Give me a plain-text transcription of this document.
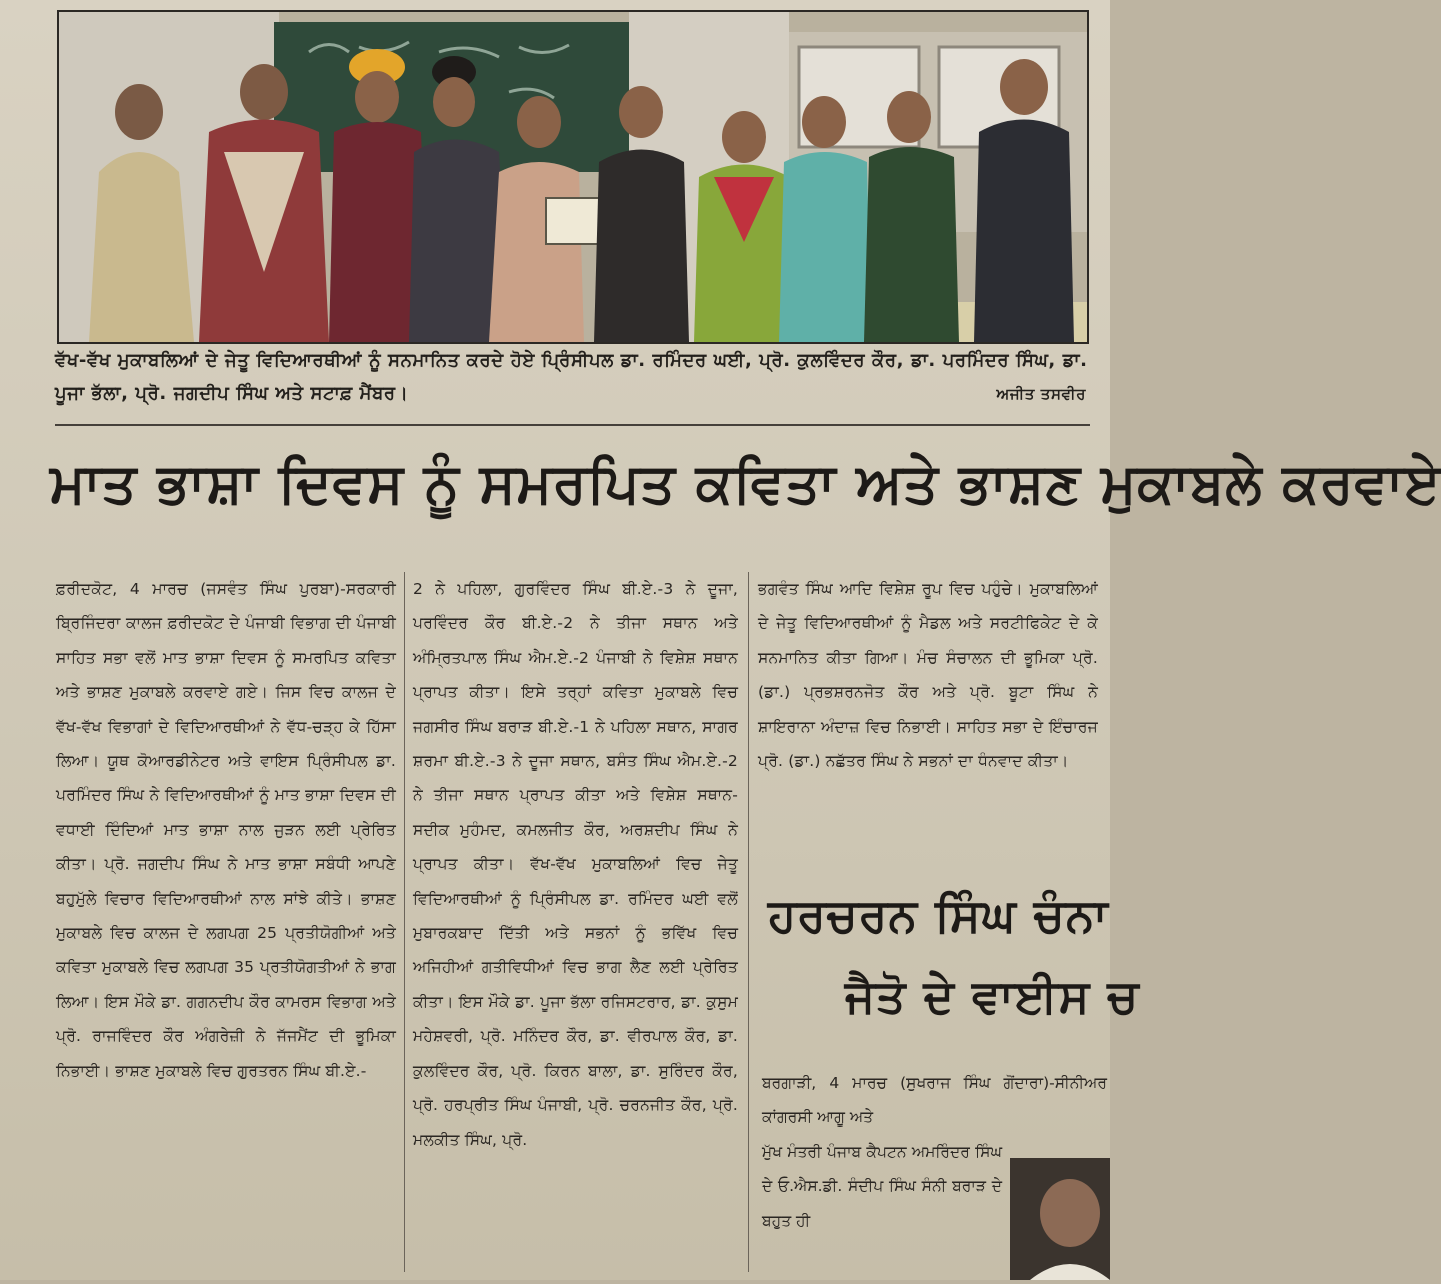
ਵੱਖ-ਵੱਖ ਮੁਕਾਬਲਿਆਂ ਦੇ ਜੇਤੂ ਵਿਦਿਆਰਥੀਆਂ ਨੂੰ ਸਨਮਾਨਿਤ ਕਰਦੇ ਹੋਏ ਪ੍ਰਿੰਸੀਪਲ ਡਾ. ਰਮਿੰਦਰ ਘਈ, ਪ੍ਰੋ. ਕੁਲਵਿੰਦਰ ਕੌਰ, ਡਾ. ਪਰਮਿੰਦਰ ਸਿੰਘ, ਡਾ. ਪੂਜਾ ਭੱਲਾ, ਪ੍ਰੋ. ਜਗਦੀਪ ਸਿੰਘ ਅਤੇ ਸਟਾਫ਼ ਮੈਂਬਰ।	ਅਜੀਤ ਤਸਵੀਰ
ਮਾਤ ਭਾਸ਼ਾ ਦਿਵਸ ਨੂੰ ਸਮਰਪਿਤ ਕਵਿਤਾ ਅਤੇ ਭਾਸ਼ਣ ਮੁਕਾਬਲੇ ਕਰਵਾਏ
ਫ਼ਰੀਦਕੋਟ, 4 ਮਾਰਚ (ਜਸਵੰਤ ਸਿੰਘ ਪੁਰਬਾ)-ਸਰਕਾਰੀ ਬ੍ਰਿਜਿੰਦਰਾ ਕਾਲਜ ਫ਼ਰੀਦਕੋਟ ਦੇ ਪੰਜਾਬੀ ਵਿਭਾਗ ਦੀ ਪੰਜਾਬੀ ਸਾਹਿਤ ਸਭਾ ਵਲੋਂ ਮਾਤ ਭਾਸ਼ਾ ਦਿਵਸ ਨੂੰ ਸਮਰਪਿਤ ਕਵਿਤਾ ਅਤੇ ਭਾਸ਼ਣ ਮੁਕਾਬਲੇ ਕਰਵਾਏ ਗਏ। ਜਿਸ ਵਿਚ ਕਾਲਜ ਦੇ ਵੱਖ-ਵੱਖ ਵਿਭਾਗਾਂ ਦੇ ਵਿਦਿਆਰਥੀਆਂ ਨੇ ਵੱਧ-ਚੜ੍ਹ ਕੇ ਹਿੱਸਾ ਲਿਆ। ਯੂਥ ਕੋਆਰਡੀਨੇਟਰ ਅਤੇ ਵਾਇਸ ਪ੍ਰਿੰਸੀਪਲ ਡਾ. ਪਰਮਿੰਦਰ ਸਿੰਘ ਨੇ ਵਿਦਿਆਰਥੀਆਂ ਨੂੰ ਮਾਤ ਭਾਸ਼ਾ ਦਿਵਸ ਦੀ ਵਧਾਈ ਦਿੰਦਿਆਂ ਮਾਤ ਭਾਸ਼ਾ ਨਾਲ ਜੁੜਨ ਲਈ ਪ੍ਰੇਰਿਤ ਕੀਤਾ। ਪ੍ਰੋ. ਜਗਦੀਪ ਸਿੰਘ ਨੇ ਮਾਤ ਭਾਸ਼ਾ ਸਬੰਧੀ ਆਪਣੇ ਬਹੁਮੁੱਲੇ ਵਿਚਾਰ ਵਿਦਿਆਰਥੀਆਂ ਨਾਲ ਸਾਂਝੇ ਕੀਤੇ। ਭਾਸ਼ਣ ਮੁਕਾਬਲੇ ਵਿਚ ਕਾਲਜ ਦੇ ਲਗਪਗ 25 ਪ੍ਰਤੀਯੋਗੀਆਂ ਅਤੇ ਕਵਿਤਾ ਮੁਕਾਬਲੇ ਵਿਚ ਲਗਪਗ 35 ਪ੍ਰਤੀਯੋਗਤੀਆਂ ਨੇ ਭਾਗ ਲਿਆ। ਇਸ ਮੌਕੇ ਡਾ. ਗਗਨਦੀਪ ਕੌਰ ਕਾਮਰਸ ਵਿਭਾਗ ਅਤੇ ਪ੍ਰੋ. ਰਾਜਵਿੰਦਰ ਕੌਰ ਅੰਗਰੇਜ਼ੀ ਨੇ ਜੱਜਮੈਂਟ ਦੀ ਭੂਮਿਕਾ ਨਿਭਾਈ। ਭਾਸ਼ਣ ਮੁਕਾਬਲੇ ਵਿਚ ਗੁਰਤਰਨ ਸਿੰਘ ਬੀ.ਏ.-
2 ਨੇ ਪਹਿਲਾ, ਗੁਰਵਿੰਦਰ ਸਿੰਘ ਬੀ.ਏ.-3 ਨੇ ਦੂਜਾ, ਪਰਵਿੰਦਰ ਕੌਰ ਬੀ.ਏ.-2 ਨੇ ਤੀਜਾ ਸਥਾਨ ਅਤੇ ਅੰਮ੍ਰਿਤਪਾਲ ਸਿੰਘ ਐਮ.ਏ.-2 ਪੰਜਾਬੀ ਨੇ ਵਿਸ਼ੇਸ਼ ਸਥਾਨ ਪ੍ਰਾਪਤ ਕੀਤਾ। ਇਸੇ ਤਰ੍ਹਾਂ ਕਵਿਤਾ ਮੁਕਾਬਲੇ ਵਿਚ ਜਗਸੀਰ ਸਿੰਘ ਬਰਾੜ ਬੀ.ਏ.-1 ਨੇ ਪਹਿਲਾ ਸਥਾਨ, ਸਾਗਰ ਸ਼ਰਮਾ ਬੀ.ਏ.-3 ਨੇ ਦੂਜਾ ਸਥਾਨ, ਬਸੰਤ ਸਿੰਘ ਐਮ.ਏ.-2 ਨੇ ਤੀਜਾ ਸਥਾਨ ਪ੍ਰਾਪਤ ਕੀਤਾ ਅਤੇ ਵਿਸ਼ੇਸ਼ ਸਥਾਨ- ਸਦੀਕ ਮੁਹੰਮਦ, ਕਮਲਜੀਤ ਕੌਰ, ਅਰਸ਼ਦੀਪ ਸਿੰਘ ਨੇ ਪ੍ਰਾਪਤ ਕੀਤਾ। ਵੱਖ-ਵੱਖ ਮੁਕਾਬਲਿਆਂ ਵਿਚ ਜੇਤੂ ਵਿਦਿਆਰਥੀਆਂ ਨੂੰ ਪ੍ਰਿੰਸੀਪਲ ਡਾ. ਰਮਿੰਦਰ ਘਈ ਵਲੋਂ ਮੁਬਾਰਕਬਾਦ ਦਿੱਤੀ ਅਤੇ ਸਭਨਾਂ ਨੂੰ ਭਵਿੱਖ ਵਿਚ ਅਜਿਹੀਆਂ ਗਤੀਵਿਧੀਆਂ ਵਿਚ ਭਾਗ ਲੈਣ ਲਈ ਪ੍ਰੇਰਿਤ ਕੀਤਾ। ਇਸ ਮੌਕੇ ਡਾ. ਪੂਜਾ ਭੱਲਾ ਰਜਿਸਟਰਾਰ, ਡਾ. ਕੁਸੁਮ ਮਹੇਸ਼ਵਰੀ, ਪ੍ਰੋ. ਮਨਿੰਦਰ ਕੌਰ, ਡਾ. ਵੀਰਪਾਲ ਕੌਰ, ਡਾ. ਕੁਲਵਿੰਦਰ ਕੌਰ, ਪ੍ਰੋ. ਕਿਰਨ ਬਾਲਾ, ਡਾ. ਸੁਰਿੰਦਰ ਕੌਰ, ਪ੍ਰੋ. ਹਰਪ੍ਰੀਤ ਸਿੰਘ ਪੰਜਾਬੀ, ਪ੍ਰੋ. ਚਰਨਜੀਤ ਕੌਰ, ਪ੍ਰੋ. ਮਲਕੀਤ ਸਿੰਘ, ਪ੍ਰੋ.
ਭਗਵੰਤ ਸਿੰਘ ਆਦਿ ਵਿਸ਼ੇਸ਼ ਰੂਪ ਵਿਚ ਪਹੁੰਚੇ। ਮੁਕਾਬਲਿਆਂ ਦੇ ਜੇਤੂ ਵਿਦਿਆਰਥੀਆਂ ਨੂੰ ਮੈਡਲ ਅਤੇ ਸਰਟੀਫਿਕੇਟ ਦੇ ਕੇ ਸਨਮਾਨਿਤ ਕੀਤਾ ਗਿਆ। ਮੰਚ ਸੰਚਾਲਨ ਦੀ ਭੂਮਿਕਾ ਪ੍ਰੋ. (ਡਾ.) ਪ੍ਰਭਸ਼ਰਨਜੋਤ ਕੌਰ ਅਤੇ ਪ੍ਰੋ. ਬੂਟਾ ਸਿੰਘ ਨੇ ਸ਼ਾਇਰਾਨਾ ਅੰਦਾਜ਼ ਵਿਚ ਨਿਭਾਈ। ਸਾਹਿਤ ਸਭਾ ਦੇ ਇੰਚਾਰਜ ਪ੍ਰੋ. (ਡਾ.) ਨਛੱਤਰ ਸਿੰਘ ਨੇ ਸਭਨਾਂ ਦਾ ਧੰਨਵਾਦ ਕੀਤਾ।
ਹਰਚਰਨ ਸਿੰਘ ਚੰਨਾ
ਜੈਤੋ ਦੇ ਵਾਈਸ ਚ
ਬਰਗਾੜੀ, 4 ਮਾਰਚ (ਸੁਖਰਾਜ ਸਿੰਘ ਗੋਂਦਾਰਾ)-ਸੀਨੀਅਰ ਕਾਂਗਰਸੀ ਆਗੂ ਅਤੇ
ਮੁੱਖ ਮੰਤਰੀ ਪੰਜਾਬ ਕੈਪਟਨ ਅਮਰਿੰਦਰ ਸਿੰਘ ਦੇ ਓ.ਐਸ.ਡੀ. ਸੰਦੀਪ ਸਿੰਘ ਸੰਨੀ ਬਰਾੜ ਦੇ ਬਹੁਤ ਹੀ
